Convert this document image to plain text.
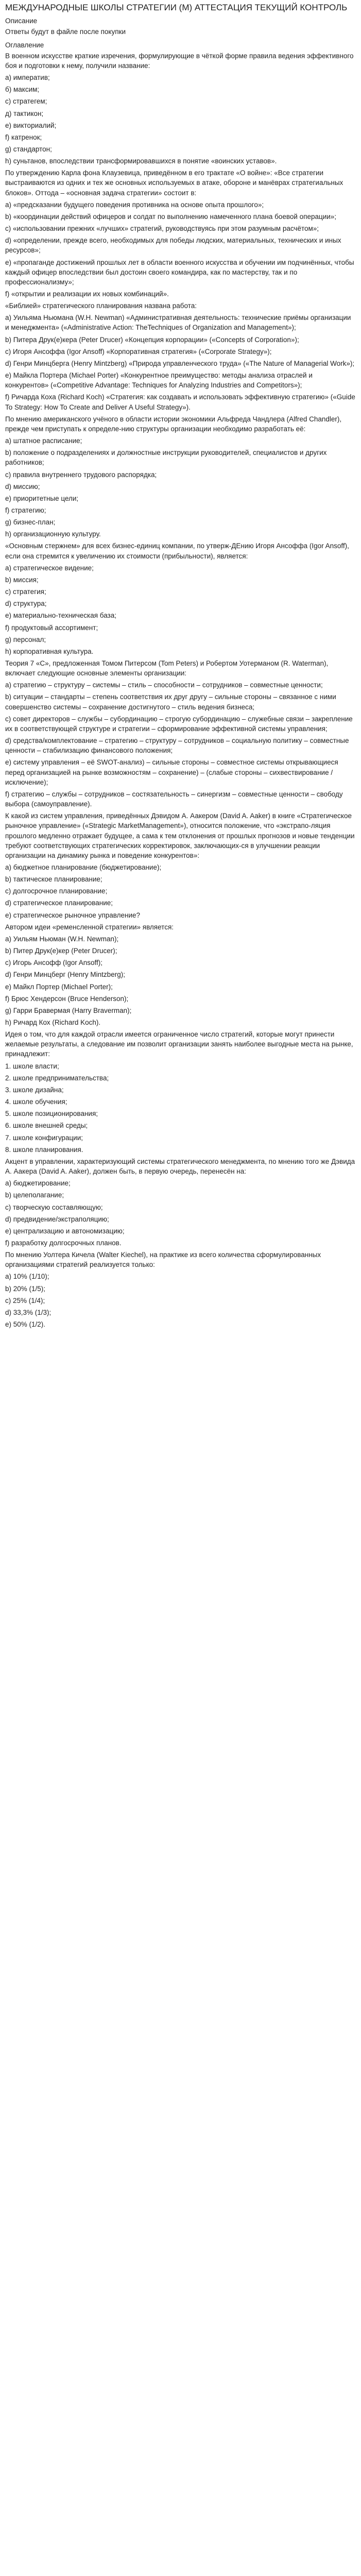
МЕЖДУНАРОДНЫЕ ШКОЛЫ СТРАТЕГИИ (М) АТТЕСТАЦИЯ ТЕКУЩИЙ КОНТРОЛЬ
Описание
Ответы будут в файле после покупки
Оглавление
В военном искусстве краткие изречения, формулирующие в чёткой форме правила ведения эффективного боя и подготовки к нему, получили название:
а) императив;
б) максим;
с) стратегем;
д) тактикон;
е) викториалий;
f) катренок;
g) стандартон;
h) суньтанов, впоследствии трансформировавшихся в понятие «воинских уставов».
По утверждению Карла фона Клаузевица, приведённом в его трактате «О войне»: «Все стратегии выстраиваются из одних и тех же основных используемых в атаке, обороне и манёврах стратегиальных блоков». Оттода – «основная задача стратегии» состоит в:
а) «предсказании будущего поведения противника на основе опыта прошлого»;
b) «координации действий офицеров и солдат по выполнению намеченного плана боевой операции»;
c) «использовании прежних «лучших» стратегий, руководствуясь при этом разумным расчётом»;
d) «определении, прежде всего, необходимых для победы людских, материальных, технических и иных ресурсов»;
e) «пропаганде достижений прошлых лет в области военного искусства и обучении им подчинённых, чтобы каждый офицер впоследствии был достоин своего командира, как по мастерству, так и по профессионализму»;
f) «открытии и реализации их новых комбинаций».
«Библией» стратегического планирования названа работа:
а) Уильяма Ньюмана (W.H. Newman) «Административная деятельность: технические приёмы организации и менеджмента» («Administrative Action: TheTechniques of Organization and Management»);
b) Питера Друк(е)кера (Peter Drucer) «Концепция корпорации» («Concepts of Corporation»);
c) Игоря Ансоффа (Igor Ansoff) «Корпоративная стратегия» («Corporate Strategy»);
d) Генри Минцберга (Henry Mintzberg) «Природа управленческого труда» («The Nature of Managerial Work»);
e) Майкла Портера (Michael Porter) «Конкурентное преимущество: методы анализа отраслей и конкурентов» («Competitive Advantage: Techniques for Analyzing Industries and Competitors»);
f) Ричарда Коха (Richard Koch) «Стратегия: как создавать и использовать эффективную стратегию» («Guide To Strategy: How To Create and Deliver A Useful Strategy»).
По мнению американского учёного в области истории экономики Альфреда Чандлера (Alfred Chandler), прежде чем приступать к определе-нию структуры организации необходимо разработать её:
а) штатное расписание;
b) положение о подразделениях и должностные инструкции руководителей, специалистов и других работников;
c) правила внутреннего трудового распорядка;
d) миссию;
e) приоритетные цели;
f) стратегию;
g) бизнес-план;
h) организационную культуру.
«Основным стержнем» для всех бизнес-единиц компании, по утверж-ДЕнию Игоря Ансоффа (Igor Ansoff), если она стремится к увеличению их стоимости (прибыльности), является:
а) стратегическое видение;
b) миссия;
c) стратегия;
d) структура;
e) материально-техническая база;
f) продуктовый ассортимент;
g) персонал;
h) корпоративная культура.
Теория 7 «С», предложенная Томом Питерсом (Tom Peters) и Робертом Уотерманом (R. Waterman), включает следующие основные элементы организации:
а) стратегию – структуру – системы – стиль – способности – сотрудников – совместные ценности;
b) ситуации – стандарты – степень соответствия их друг другу – сильные стороны – связанное с ними совершенство системы – сохранение достигнутого – стиль ведения бизнеса;
c) совет директоров – службы – субординацию – строгую субординацию – служебные связи – закрепление их в соответствующей структуре и стратегии – сформирование эффективной системы управления;
d) средства/комплектование – стратегию – структуру – сотрудников – социальную политику – совместные ценности – стабилизацию финансового положения;
e) систему управления – её SWOT-анализ) – сильные стороны – совместное системы открывающиеся перед организацией на рынке возможностям – сохранение) – (слабые стороны – сихвествирование / исключение);
f) стратегию – службы – сотрудников – состязательность – синергизм – совместные ценности – свободу выбора (самоуправление).
К какой из систем управления, приведённых Дэвидом А. Аакером (David A. Aaker) в книге «Стратегическое рыночное управление» («Strategic MarketManagement»), относится положение, что «экстрапо-ляция прошлого медленно отражает будущее, а сама к тем отклонения от прошлых прогнозов и новые тенденции требуют соответствующих стратегических корректировок, заключающих-ся в улучшении реакции организации на динамику рынка и поведение конкурентов»:
а) бюджетное планирование (бюджетирование);
b) тактическое планирование;
c) долгосрочное планирование;
d) стратегическое планирование;
e) стратегическое рыночное управление?
Автором идеи «ременсленной стратегии» является:
а) Уильям Ньюман (W.H. Newman);
b) Питер Друк(е)кер (Peter Drucer);
c) Игорь Ансофф (Igor Ansoff);
d) Генри Минцберг (Henry Mintzberg);
e) Майкл Портер (Michael Porter);
f) Брюс Хендерсон (Bruce Henderson);
g) Гарри Бравермая (Harry Braverman);
h) Ричард Кох (Richard Koch).
Идея о том, что для каждой отрасли имеется ограниченное число стратегий, которые могут принести желаемые результаты, а следование им позволит организации занять наиболее выгодные места на рынке, принадлежит:
1. школе власти;
2. школе предпринимательства;
3. школе дизайна;
4. школе обучения;
5. школе позиционирования;
6. школе внешней среды;
7. школе конфигурации;
8. школе планирования.
Акцент в управлении, характеризующий системы стратегического менеджмента, по мнению того же Дэвида А. Аакера (David A. Aaker), должен быть, в первую очередь, перенесён на:
а) бюджетирование;
b) целеполагание;
c) творческую составляющую;
d) предвидение/экстраполяцию;
e) централизацию и автономизацию;
f) разработку долгосрочных планов.
По мнению Уолтера Кичела (Walter Kiechel), на практике из всего количества сформулированных организациями стратегий реализуется только:
а) 10% (1/10);
b) 20% (1/5);
c) 25% (1/4);
d) 33,3% (1/3);
e) 50% (1/2).
